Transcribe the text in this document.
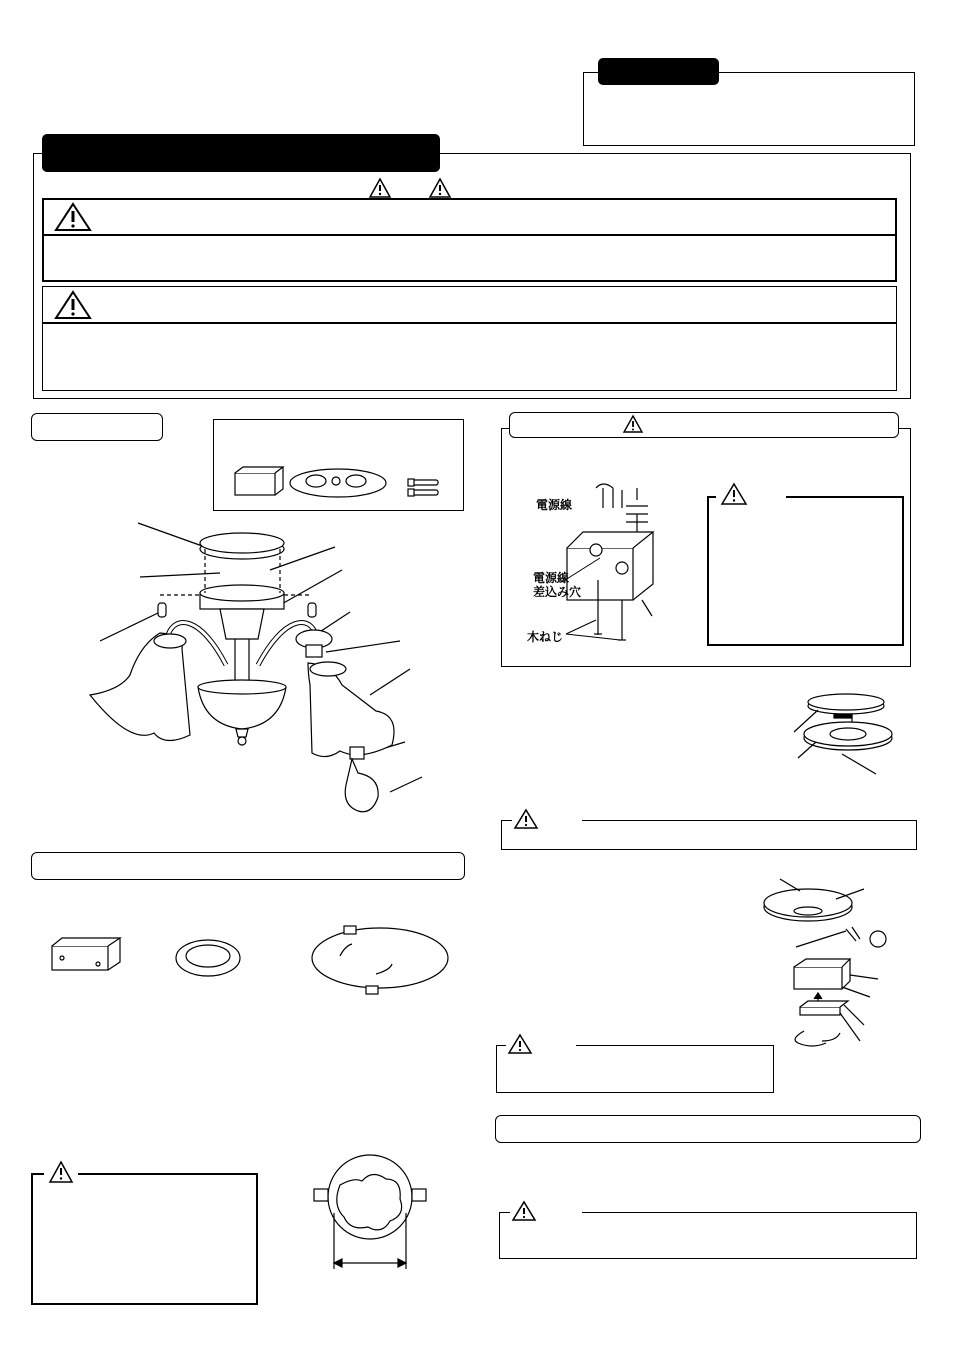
電源線
電源線
差込み穴
木ねじ
